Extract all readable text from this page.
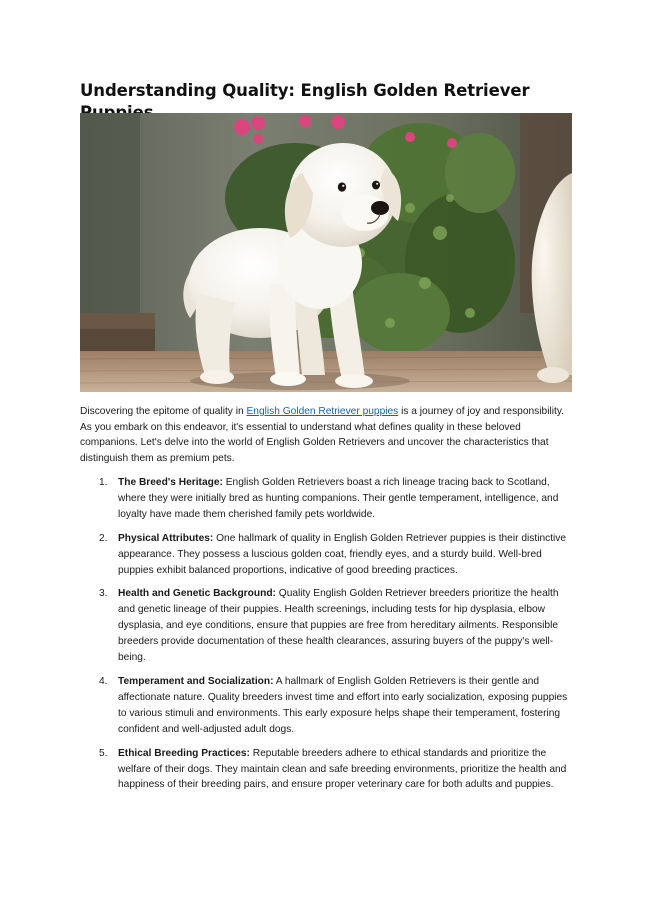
Understanding Quality: English Golden Retriever

Discovering the epitome of quality in English Golden Retriever puppies is a journey of joy and responsibility. As you embark on this endeavor, it's essential to understand what defines quality in these beloved companions. Let's delve into the world of English Golden Retrievers and uncover the characteristics that distinguish them as premium pets.

1. The Breed's Heritage: English Golden Retrievers boast a rich lineage tracing back to Scotland, where they were initially bred as hunting companions. Their gentle temperament, intelligence, and loyalty have made them cherished family pets worldwide.
2. Physical Attributes: One hallmark of quality in English Golden Retriever puppies is their distinctive appearance. They possess a luscious golden coat, friendly eyes, and a sturdy build. Well-bred puppies exhibit balanced proportions, indicative of good breeding practices.
3. Health and Genetic Background: Quality English Golden Retriever breeders prioritize the health and genetic lineage of their puppies. Health screenings, including tests for hip dysplasia, elbow dysplasia, and eye conditions, ensure that puppies are free from hereditary ailments. Responsible breeders provide documentation of these health clearances, assuring buyers of the puppy's well-being.
4. Temperament and Socialization: A hallmark of English Golden Retrievers is their gentle and affectionate nature. Quality breeders invest time and effort into early socialization, exposing puppies to various stimuli and environments. This early exposure helps shape their temperament, fostering confident and well-adjusted adult dogs.
5. Ethical Breeding Practices: Reputable breeders adhere to ethical standards and prioritize the welfare of their dogs. They maintain clean and safe breeding environments, prioritize the health and happiness of their breeding pairs, and ensure proper veterinary care for both adults and puppies.
